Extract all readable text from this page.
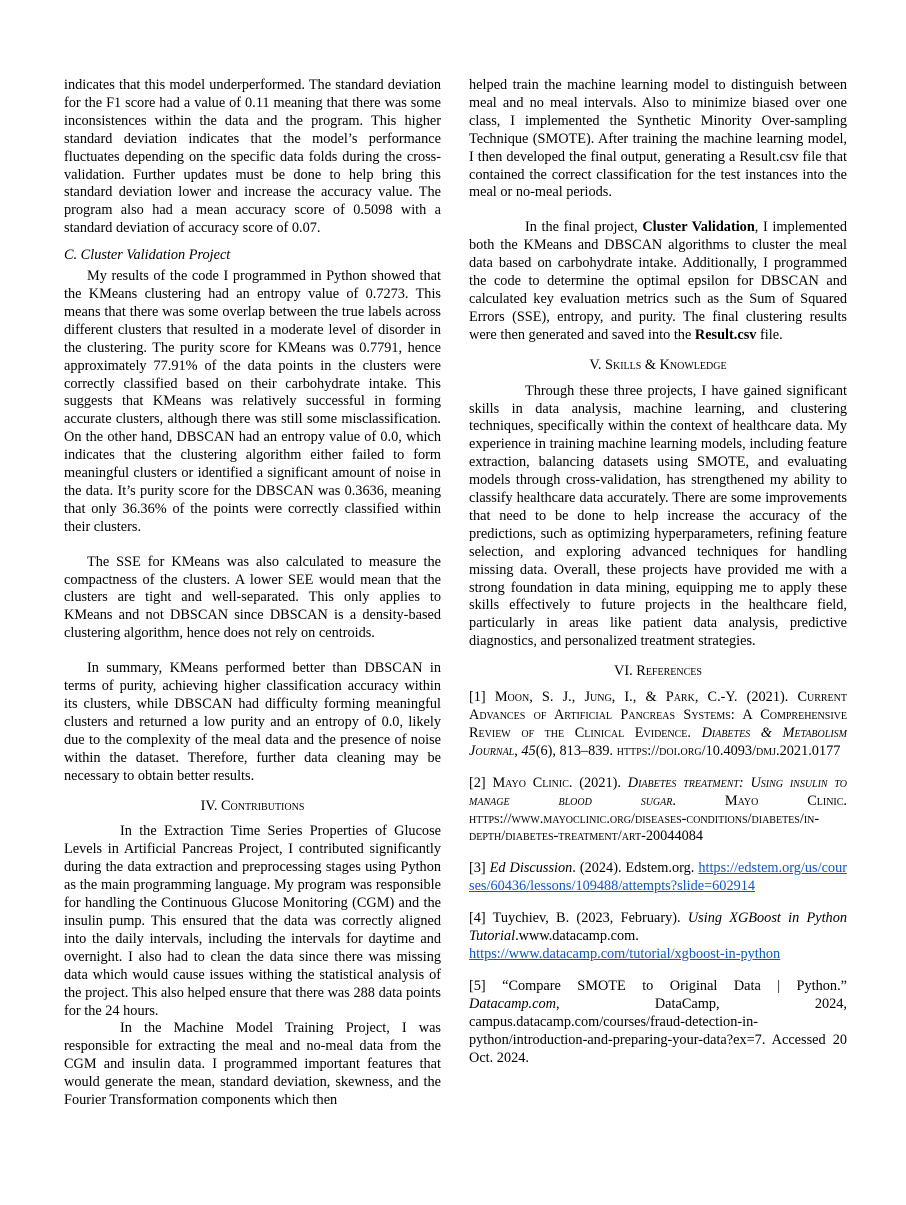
indicates that this model underperformed. The standard deviation for the F1 score had a value of 0.11 meaning that there was some inconsistences within the data and the program. This higher standard deviation indicates that the model’s performance fluctuates depending on the specific data folds during the cross-validation. Further updates must be done to help bring this standard deviation lower and increase the accuracy value. The program also had a mean accuracy score of 0.5098 with a standard deviation of accuracy score of 0.07.

C. Cluster Validation Project

My results of the code I programmed in Python showed that the KMeans clustering had an entropy value of 0.7273. This means that there was some overlap between the true labels across different clusters that resulted in a moderate level of disorder in the clustering. The purity score for KMeans was 0.7791, hence approximately 77.91% of the data points in the clusters were correctly classified based on their carbohydrate intake. This suggests that KMeans was relatively successful in forming accurate clusters, although there was still some misclassification. On the other hand, DBSCAN had an entropy value of 0.0, which indicates that the clustering algorithm either failed to form meaningful clusters or identified a significant amount of noise in the data. It’s purity score for the DBSCAN was 0.3636, meaning that only 36.36% of the points were correctly classified within their clusters.

The SSE for KMeans was also calculated to measure the compactness of the clusters. A lower SEE would mean that the clusters are tight and well-separated. This only applies to KMeans and not DBSCAN since DBSCAN is a density-based clustering algorithm, hence does not rely on centroids.

In summary, KMeans performed better than DBSCAN in terms of purity, achieving higher classification accuracy within its clusters, while DBSCAN had difficulty forming meaningful clusters and returned a low purity and an entropy of 0.0, likely due to the complexity of the meal data and the presence of noise within the dataset. Therefore, further data cleaning may be necessary to obtain better results.

IV. Contributions

In the Extraction Time Series Properties of Glucose Levels in Artificial Pancreas Project, I contributed significantly during the data extraction and preprocessing stages using Python as the main programming language. My program was responsible for handling the Continuous Glucose Monitoring (CGM) and the insulin pump. This ensured that the data was correctly aligned into the daily intervals, including the intervals for daytime and overnight. I also had to clean the data since there was missing data which would cause issues withing the statistical analysis of the project. This also helped ensure that there was 288 data points for the 24 hours.

In the Machine Model Training Project, I was responsible for extracting the meal and no-meal data from the CGM and insulin data. I programmed important features that would generate the mean, standard deviation, skewness, and the Fourier Transformation components which then

helped train the machine learning model to distinguish between meal and no meal intervals. Also to minimize biased over one class, I implemented the Synthetic Minority Over-sampling Technique (SMOTE). After training the machine learning model, I then developed the final output, generating a Result.csv file that contained the correct classification for the test instances into the meal or no-meal periods.

In the final project, Cluster Validation, I implemented both the KMeans and DBSCAN algorithms to cluster the meal data based on carbohydrate intake. Additionally, I programmed the code to determine the optimal epsilon for DBSCAN and calculated key evaluation metrics such as the Sum of Squared Errors (SSE), entropy, and purity. The final clustering results were then generated and saved into the Result.csv file.

V. Skills & Knowledge

Through these three projects, I have gained significant skills in data analysis, machine learning, and clustering techniques, specifically within the context of healthcare data. My experience in training machine learning models, including feature extraction, balancing datasets using SMOTE, and evaluating models through cross-validation, has strengthened my ability to classify healthcare data accurately. There are some improvements that need to be done to help increase the accuracy of the predictions, such as optimizing hyperparameters, refining feature selection, and exploring advanced techniques for handling missing data. Overall, these projects have provided me with a strong foundation in data mining, equipping me to apply these skills effectively to future projects in the healthcare field, particularly in areas like patient data analysis, predictive diagnostics, and personalized treatment strategies.

VI. References

[1] Moon, S. J., Jung, I., & Park, C.-Y. (2021). Current Advances of Artificial Pancreas Systems: A Comprehensive Review of the Clinical Evidence. Diabetes & Metabolism Journal, 45(6), 813–839. https://doi.org/10.4093/dmj.2021.0177

[2] Mayo Clinic. (2021). Diabetes treatment: Using insulin to manage blood sugar. Mayo Clinic. https://www.mayoclinic.org/diseases-conditions/diabetes/in-depth/diabetes-treatment/art-20044084

[3] Ed Discussion. (2024). Edstem.org. https://edstem.org/us/courses/60436/lessons/109488/attempts?slide=602914

[4] Tuychiev, B. (2023, February). Using XGBoost in Python Tutorial.www.datacamp.com.
https://www.datacamp.com/tutorial/xgboost-in-python

[5] “Compare SMOTE to Original Data | Python.” Datacamp.com, DataCamp, 2024, campus.datacamp.com/courses/fraud-detection-in-python/introduction-and-preparing-your-data?ex=7. Accessed 20 Oct. 2024.
